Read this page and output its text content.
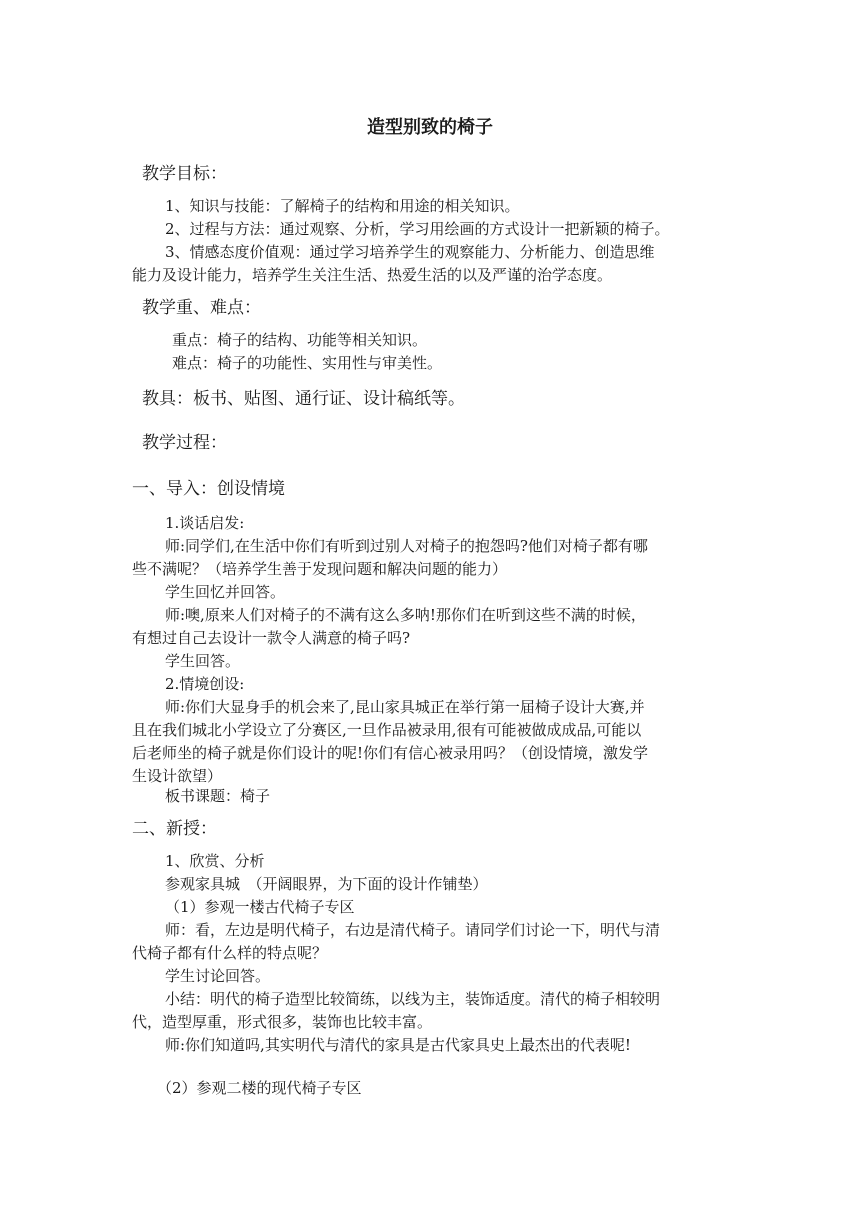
造型别致的椅子
教学目标：
1、知识与技能：了解椅子的结构和用途的相关知识。
2、过程与方法：通过观察、分析，学习用绘画的方式设计一把新颖的椅子。
3、情感态度价值观：通过学习培养学生的观察能力、分析能力、创造思维
能力及设计能力，培养学生关注生活、热爱生活的以及严谨的治学态度。
教学重、难点：
重点：椅子的结构、功能等相关知识。
难点：椅子的功能性、实用性与审美性。
教具：板书、贴图、通行证、设计稿纸等。
教学过程：
一、导入：创设情境
1.谈话启发:
师:同学们,在生活中你们有听到过别人对椅子的抱怨吗?他们对椅子都有哪
些不满呢？（培养学生善于发现问题和解决问题的能力）
学生回忆并回答。
师:噢,原来人们对椅子的不满有这么多呐!那你们在听到这些不满的时候，
有想过自己去设计一款令人满意的椅子吗?
学生回答。
2.情境创设:
师:你们大显身手的机会来了,昆山家具城正在举行第一届椅子设计大赛,并
且在我们城北小学设立了分赛区,一旦作品被录用,很有可能被做成成品,可能以
后老师坐的椅子就是你们设计的呢!你们有信心被录用吗？（创设情境，激发学
生设计欲望）
板书课题：椅子
二、新授：
1、欣赏、分析
参观家具城　（开阔眼界，为下面的设计作铺垫）
（1）参观一楼古代椅子专区
师：看，左边是明代椅子，右边是清代椅子。请同学们讨论一下，明代与清
代椅子都有什么样的特点呢？
学生讨论回答。
小结：明代的椅子造型比较简练，以线为主，装饰适度。清代的椅子相较明
代，造型厚重，形式很多，装饰也比较丰富。
师:你们知道吗,其实明代与清代的家具是古代家具史上最杰出的代表呢!
（2）参观二楼的现代椅子专区
